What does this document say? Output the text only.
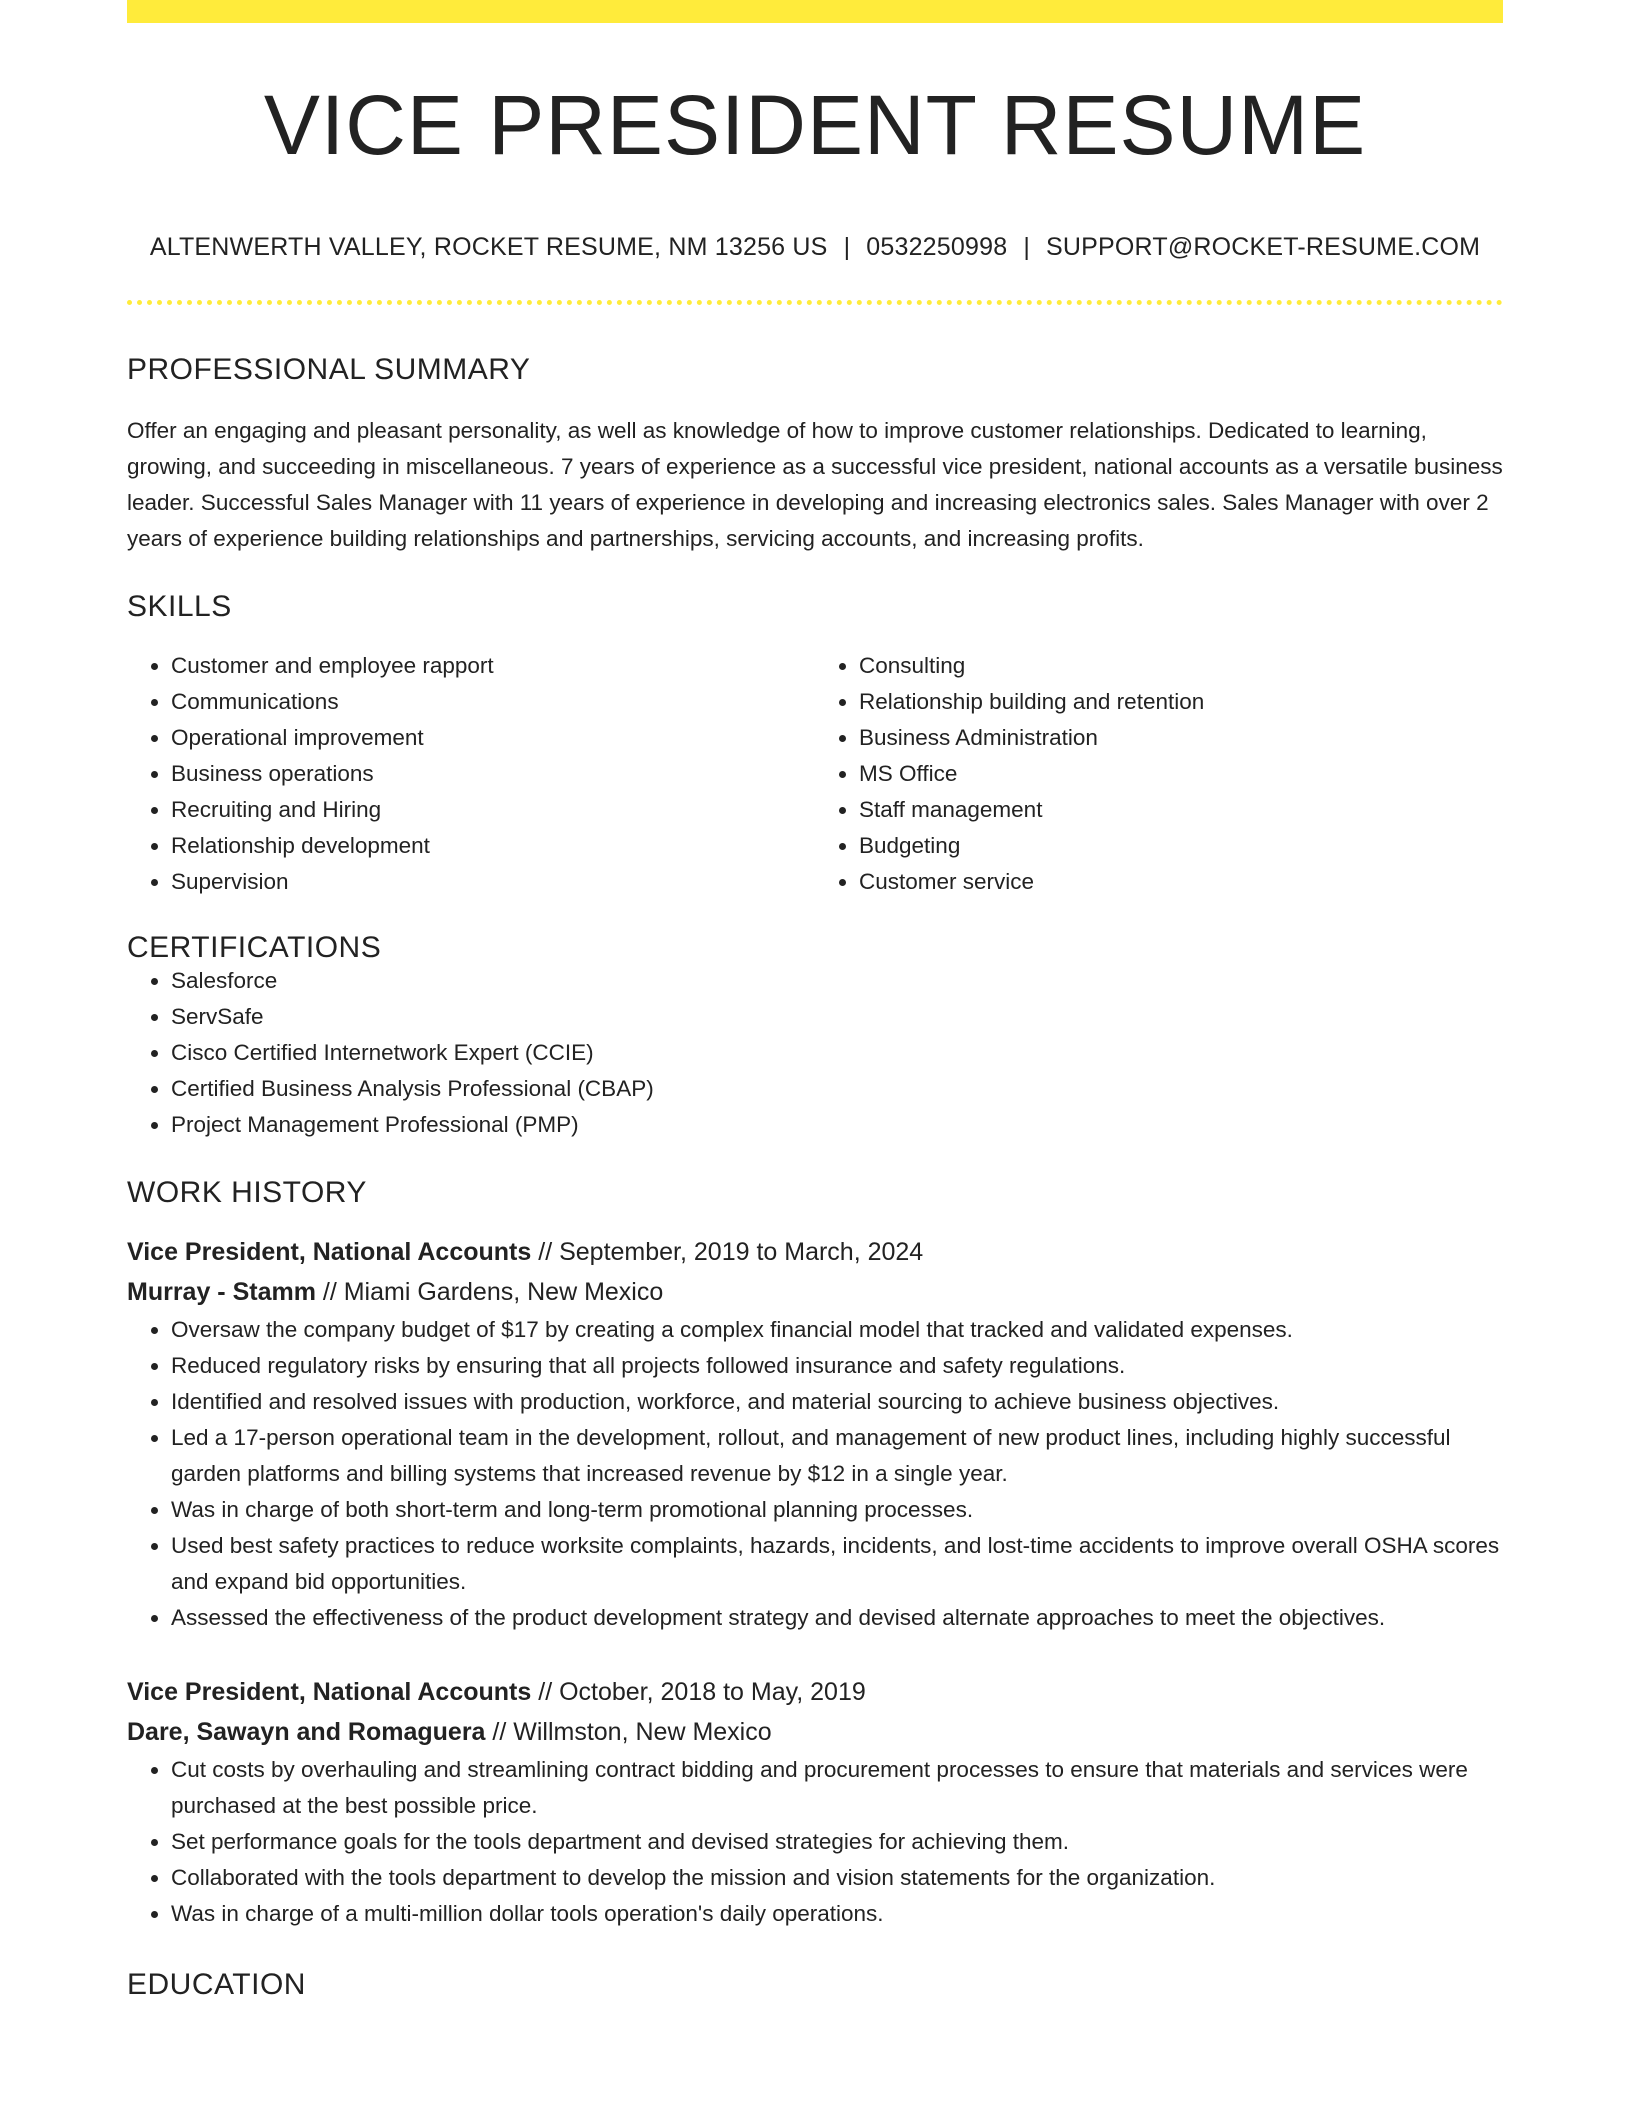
VICE PRESIDENT RESUME
ALTENWERTH VALLEY, ROCKET RESUME, NM 13256 US | 0532250998 | SUPPORT@ROCKET-RESUME.COM
PROFESSIONAL SUMMARY

Offer an engaging and pleasant personality, as well as knowledge of how to improve customer relationships. Dedicated to learning, growing, and succeeding in miscellaneous. 7 years of experience as a successful vice president, national accounts as a versatile business leader. Successful Sales Manager with 11 years of experience in developing and increasing electronics sales. Sales Manager with over 2 years of experience building relationships and partnerships, servicing accounts, and increasing profits.

SKILLS
• Customer and employee rapport
• Communications
• Operational improvement
• Business operations
• Recruiting and Hiring
• Relationship development
• Supervision
• Consulting
• Relationship building and retention
• Business Administration
• MS Office
• Staff management
• Budgeting
• Customer service
CERTIFICATIONS
• Salesforce
• ServSafe
• Cisco Certified Internetwork Expert (CCIE)
• Certified Business Analysis Professional (CBAP)
• Project Management Professional (PMP)
WORK HISTORY
Vice President, National Accounts // September, 2019 to March, 2024
Murray - Stamm // Miami Gardens, New Mexico
• Oversaw the company budget of $17 by creating a complex financial model that tracked and validated expenses.
• Reduced regulatory risks by ensuring that all projects followed insurance and safety regulations.
• Identified and resolved issues with production, workforce, and material sourcing to achieve business objectives.
• Led a 17-person operational team in the development, rollout, and management of new product lines, including highly successful garden platforms and billing systems that increased revenue by $12 in a single year.
• Was in charge of both short-term and long-term promotional planning processes.
• Used best safety practices to reduce worksite complaints, hazards, incidents, and lost-time accidents to improve overall OSHA scores and expand bid opportunities.
• Assessed the effectiveness of the product development strategy and devised alternate approaches to meet the objectives.
Vice President, National Accounts // October, 2018 to May, 2019
Dare, Sawayn and Romaguera // Willmston, New Mexico
• Cut costs by overhauling and streamlining contract bidding and procurement processes to ensure that materials and services were purchased at the best possible price.
• Set performance goals for the tools department and devised strategies for achieving them.
• Collaborated with the tools department to develop the mission and vision statements for the organization.
• Was in charge of a multi-million dollar tools operation's daily operations.
EDUCATION
